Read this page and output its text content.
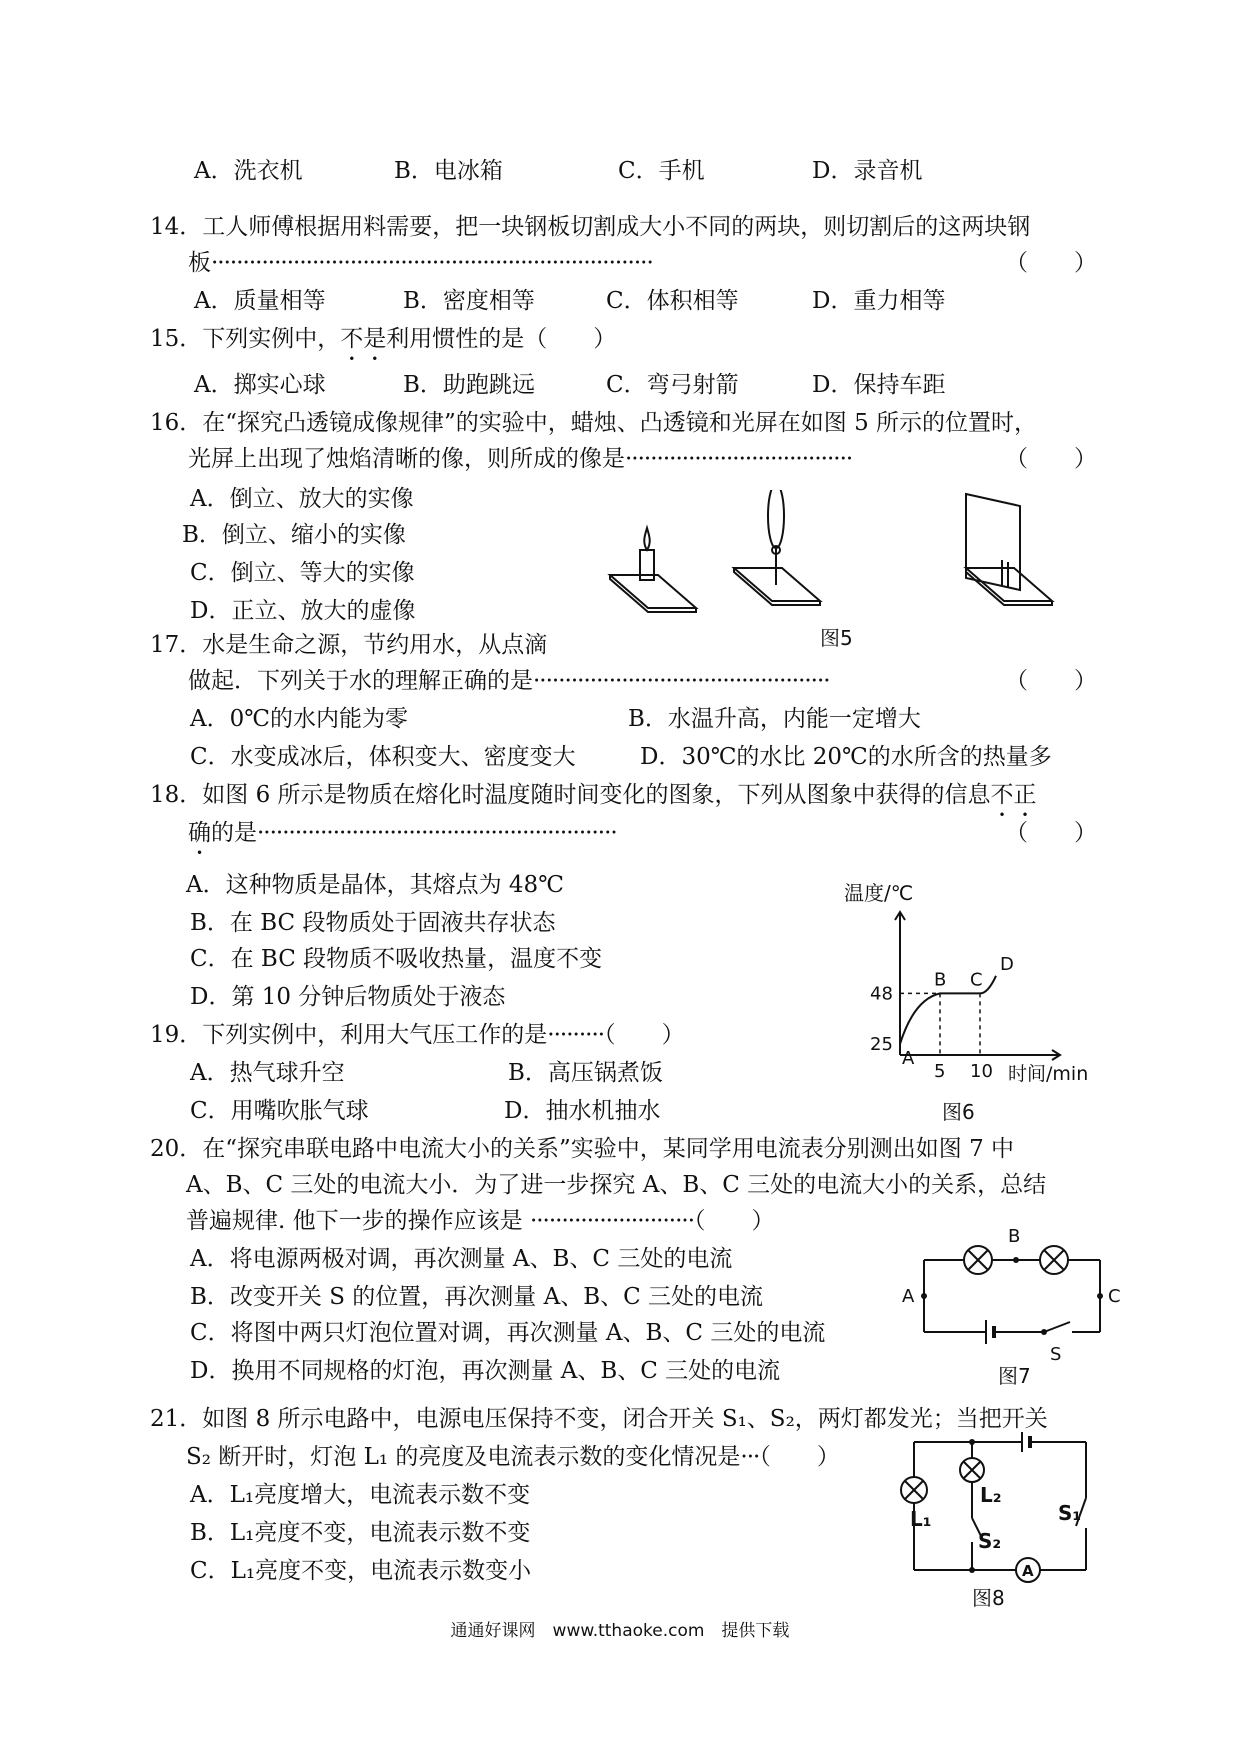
A．洗衣机	B．电冰箱	C．手机	D．录音机
14．工人师傅根据用料需要，把一块钢板切割成大小不同的两块，则切割后的这两块钢
板······································································	（　　）
A．质量相等	B．密度相等	C．体积相等	D．重力相等
15．下列实例中，不是利用惯性的是（　　）
A．掷实心球	B．助跑跳远	C．弯弓射箭	D．保持车距
16．在“探究凸透镜成像规律”的实验中，蜡烛、凸透镜和光屏在如图 5 所示的位置时，
光屏上出现了烛焰清晰的像，则所成的像是····································	（　　）
A．倒立、放大的实像
B．倒立、缩小的实像
C．倒立、等大的实像
D．正立、放大的虚像
图5
17．水是生命之源，节约用水，从点滴
做起．下列关于水的理解正确的是···············································	（　　）
A．0℃的水内能为零	B．水温升高，内能一定增大
C．水变成冰后，体积变大、密度变大	D．30℃的水比 20℃的水所含的热量多
18．如图 6 所示是物质在熔化时温度随时间变化的图象，下列从图象中获得的信息不正
确的是·························································	（　　）
A．这种物质是晶体，其熔点为 48℃
B．在 BC 段物质处于固液共存状态
C．在 BC 段物质不吸收热量，温度不变
D．第 10 分钟后物质处于液态	48
25
5 10
A
B C
D
温度/℃
时间/min
图6
19．下列实例中，利用大气压工作的是·········（　　）
A．热气球升空	B．高压锅煮饭
C．用嘴吹胀气球	D．抽水机抽水
20．在“探究串联电路中电流大小的关系”实验中，某同学用电流表分别测出如图 7 中
A、B、C 三处的电流大小．为了进一步探究 A、B、C 三处的电流大小的关系，总结
普遍规律. 他下一步的操作应该是 ··························（　　）
A．将电源两极对调，再次测量 A、B、C 三处的电流
B．改变开关 S 的位置，再次测量 A、B、C 三处的电流
C．将图中两只灯泡位置对调，再次测量 A、B、C 三处的电流
D．换用不同规格的灯泡，再次测量 A、B、C 三处的电流
B
A	C
S
图7
21．如图 8 所示电路中，电源电压保持不变，闭合开关 S₁、S₂，两灯都发光；当把开关
S₂ 断开时，灯泡 L₁ 的亮度及电流表示数的变化情况是···（　　）
A．L₁亮度增大，电流表示数不变
B．L₁亮度不变，电流表示数不变
C．L₁亮度不变，电流表示数变小	A
L₁
L₂
S₂
S₁
图8
通通好课网　www.tthaoke.com　提供下载
